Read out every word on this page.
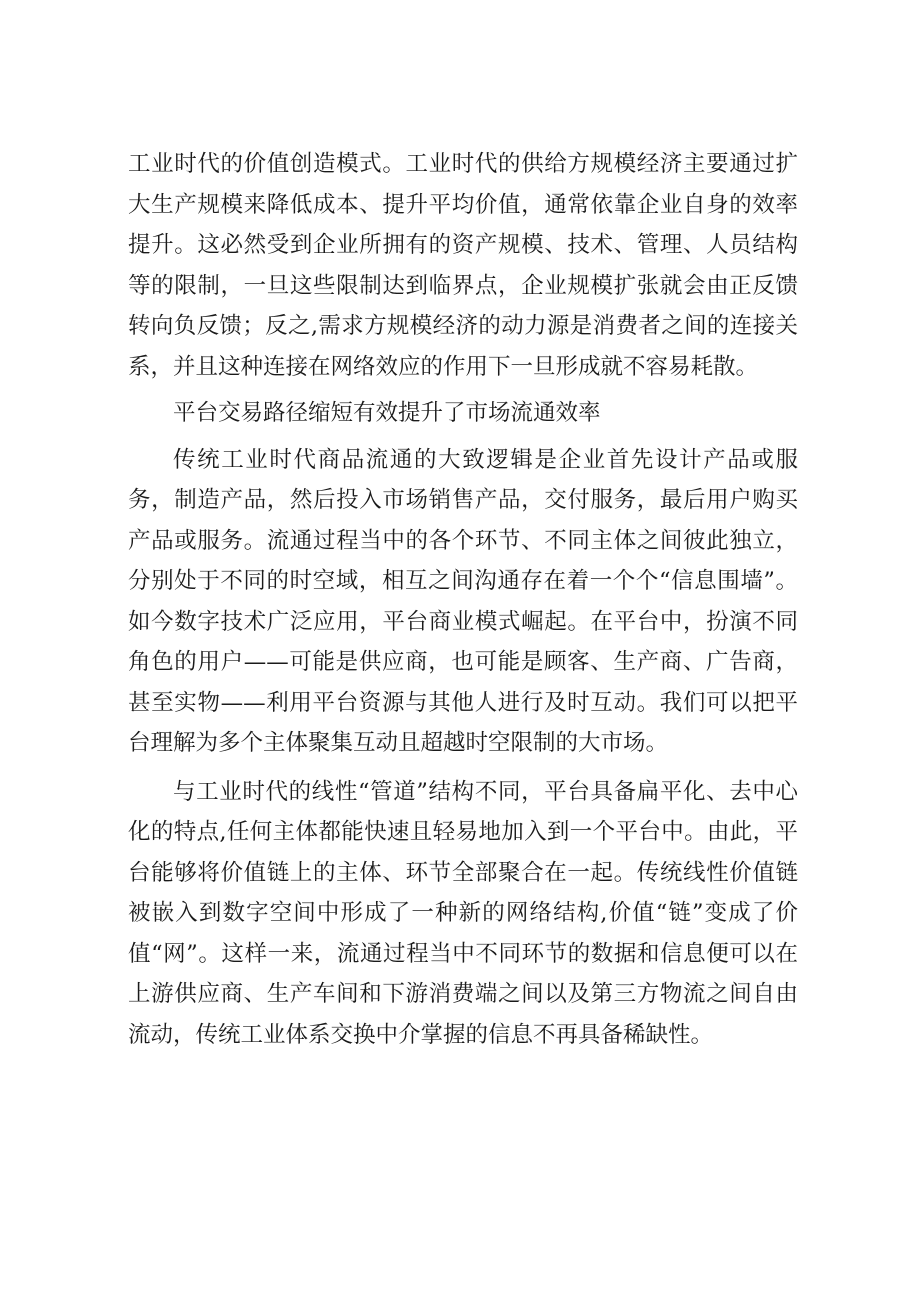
工业时代的价值创造模式。工业时代的供给方规模经济主要通过扩大生产规模来降低成本、提升平均价值，通常依靠企业自身的效率提升。这必然受到企业所拥有的资产规模、技术、管理、人员结构等的限制，一旦这些限制达到临界点，企业规模扩张就会由正反馈转向负反馈；反之,需求方规模经济的动力源是消费者之间的连接关系，并且这种连接在网络效应的作用下一旦形成就不容易耗散。

平台交易路径缩短有效提升了市场流通效率

传统工业时代商品流通的大致逻辑是企业首先设计产品或服务，制造产品，然后投入市场销售产品，交付服务，最后用户购买产品或服务。流通过程当中的各个环节、不同主体之间彼此独立，分别处于不同的时空域，相互之间沟通存在着一个个“信息围墙”。如今数字技术广泛应用，平台商业模式崛起。在平台中，扮演不同角色的用户——可能是供应商，也可能是顾客、生产商、广告商，甚至实物——利用平台资源与其他人进行及时互动。我们可以把平台理解为多个主体聚集互动且超越时空限制的大市场。

与工业时代的线性“管道”结构不同，平台具备扁平化、去中心化的特点,任何主体都能快速且轻易地加入到一个平台中。由此，平台能够将价值链上的主体、环节全部聚合在一起。传统线性价值链被嵌入到数字空间中形成了一种新的网络结构,价值“链”变成了价值“网”。这样一来，流通过程当中不同环节的数据和信息便可以在上游供应商、生产车间和下游消费端之间以及第三方物流之间自由流动，传统工业体系交换中介掌握的信息不再具备稀缺性。
